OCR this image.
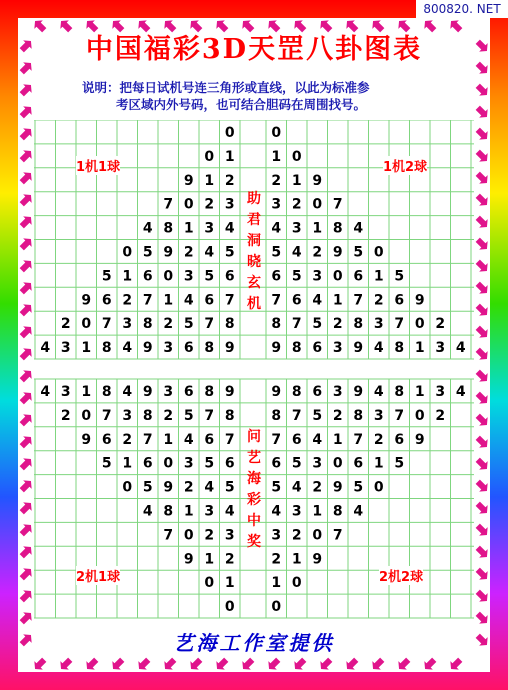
800820. NET
中国福彩3D天罡八卦图表
说明：把每日试机号连三角形或直线，以此为标准参
考区域内外号码，也可结合胆码在周围找号。
0	0
0 1	1 0
9 1 2	2 1 9
7 0 2 3	3 2 0 7
4 8 1 3 4	4 3 1 8 4
0 5 9 2 4 5	5 4 2 9 5 0
5 1 6 0 3 5 6	6 5 3 0 6 1 5
9 6 2 7 1 4 6 7	7 6 4 1 7 2 6 9
2 0 7 3 8 2 5 7 8	8 7 5 2 8 3 7 0 2
4 3 1 8 4 9 3 6 8 9	9 8 6 3 9 4 8 1 3 4
4 3 1 8 4 9 3 6 8 9	9 8 6 3 9 4 8 1 3 4
2 0 7 3 8 2 5 7 8	8 7 5 2 8 3 7 0 2
9 6 2 7 1 4 6 7	7 6 4 1 7 2 6 9
5 1 6 0 3 5 6	6 5 3 0 6 1 5
0 5 9 2 4 5	5 4 2 9 5 0
4 8 1 3 4	4 3 1 8 4
7 0 2 3	3 2 0 7
9 1 2	2 1 9
0 1	1 0
0	0
1机1球	1机2球
2机1球	2机2球
助
君
洞
晓
玄
机
问
艺
海
彩
中
奖
艺海工作室提供
